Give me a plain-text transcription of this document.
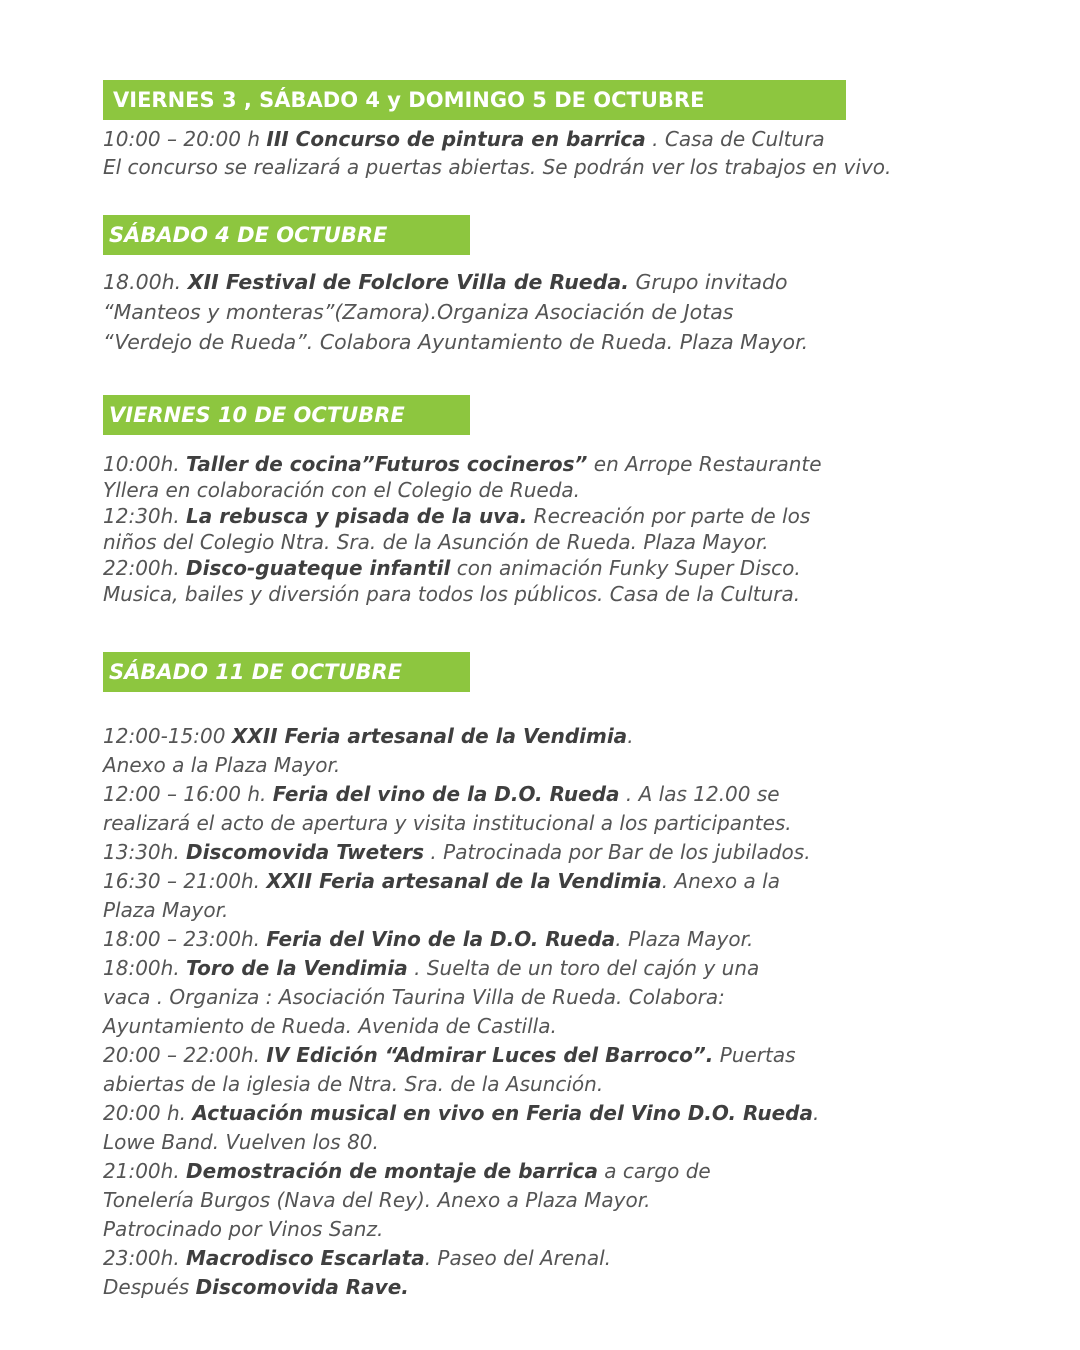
VIERNES 3 , SÁBADO 4 y DOMINGO 5 DE OCTUBRE
10:00 – 20:00 h III Concurso de pintura en barrica . Casa de Cultura
El concurso se realizará a puertas abiertas. Se podrán ver los trabajos en vivo.
SÁBADO 4 DE OCTUBRE
18.00h. XII Festival de Folclore Villa de Rueda. Grupo invitado
“Manteos y monteras”(Zamora).Organiza Asociación de Jotas
“Verdejo de Rueda”. Colabora Ayuntamiento de Rueda. Plaza Mayor.
VIERNES 10 DE OCTUBRE
10:00h. Taller de cocina”Futuros cocineros” en Arrope Restaurante
Yllera en colaboración con el Colegio de Rueda.
12:30h. La rebusca y pisada de la uva. Recreación por parte de los
niños del Colegio Ntra. Sra. de la Asunción de Rueda. Plaza Mayor.
22:00h. Disco-guateque infantil con animación Funky Super Disco.
Musica, bailes y diversión para todos los públicos. Casa de la Cultura.
SÁBADO 11 DE OCTUBRE
12:00-15:00 XXII Feria artesanal de la Vendimia.
Anexo a la Plaza Mayor.
12:00 – 16:00 h. Feria del vino de la D.O. Rueda . A las 12.00 se
realizará el acto de apertura y visita institucional a los participantes.
13:30h. Discomovida Tweters . Patrocinada por Bar de los jubilados.
16:30 – 21:00h. XXII Feria artesanal de la Vendimia. Anexo a la
Plaza Mayor.
18:00 – 23:00h. Feria del Vino de la D.O. Rueda. Plaza Mayor.
18:00h. Toro de la Vendimia . Suelta de un toro del cajón y una
vaca . Organiza : Asociación Taurina Villa de Rueda. Colabora:
Ayuntamiento de Rueda. Avenida de Castilla.
20:00 – 22:00h. IV Edición “Admirar Luces del Barroco”. Puertas
abiertas de la iglesia de Ntra. Sra. de la Asunción.
20:00 h. Actuación musical en vivo en Feria del Vino D.O. Rueda.
Lowe Band. Vuelven los 80.
21:00h. Demostración de montaje de barrica a cargo de
Tonelería Burgos (Nava del Rey). Anexo a Plaza Mayor.
Patrocinado por Vinos Sanz.
23:00h. Macrodisco Escarlata. Paseo del Arenal.
Después Discomovida Rave.
